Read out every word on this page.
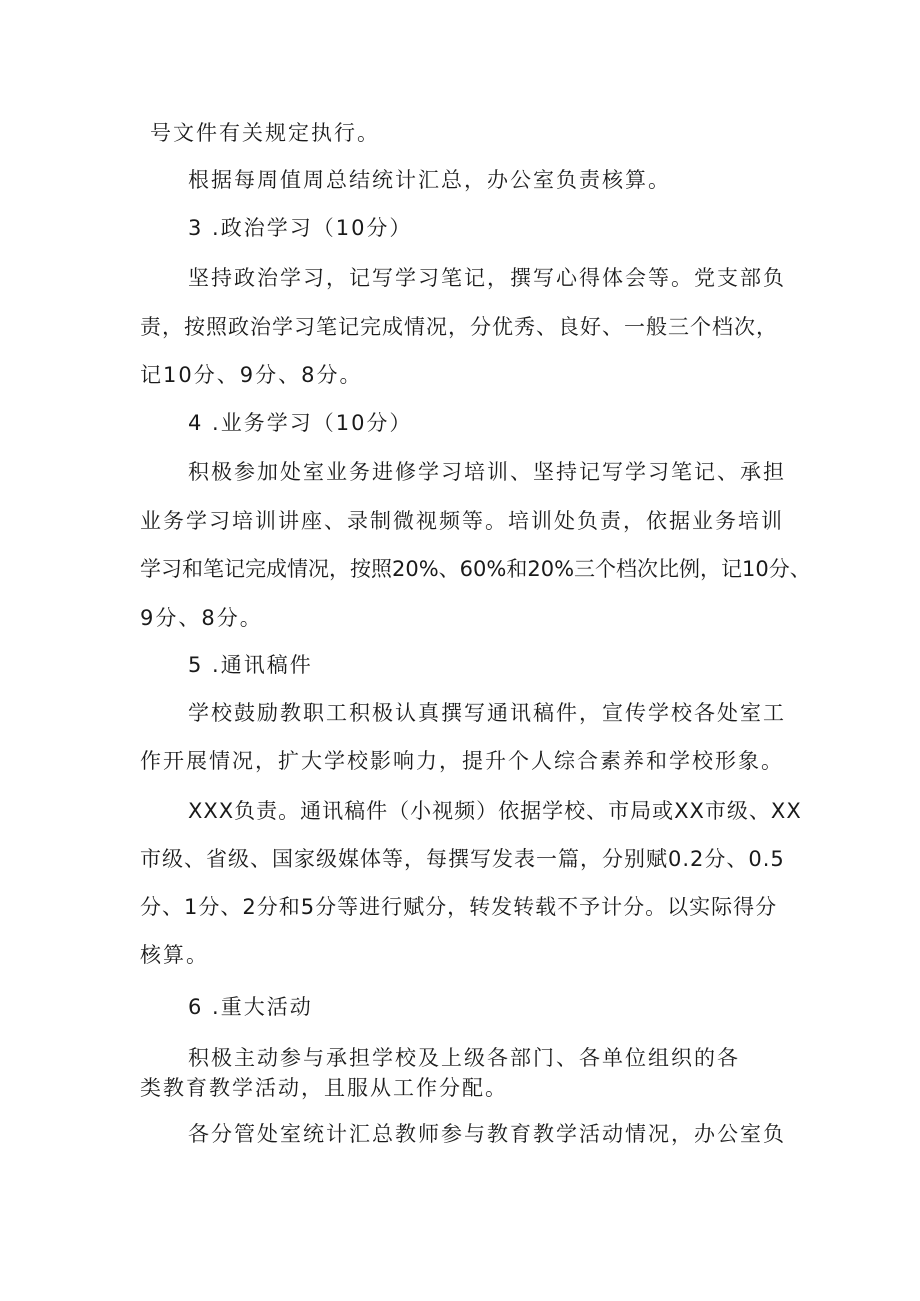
号文件有关规定执行。
根据每周值周总结统计汇总，办公室负责核算。
3 .政治学习（10分）
坚持政治学习，记写学习笔记，撰写心得体会等。党支部负
责，按照政治学习笔记完成情况，分优秀、良好、一般三个档次，
记10分、9分、8分。
4 .业务学习（10分）
积极参加处室业务进修学习培训、坚持记写学习笔记、承担
业务学习培训讲座、录制微视频等。培训处负责，依据业务培训
学习和笔记完成情况，按照20%、60%和20%三个档次比例，记10分、
9分、8分。
5 .通讯稿件
学校鼓励教职工积极认真撰写通讯稿件，宣传学校各处室工
作开展情况，扩大学校影响力，提升个人综合素养和学校形象。
XXX负责。通讯稿件（小视频）依据学校、市局或XX市级、XX
市级、省级、国家级媒体等，每撰写发表一篇，分别赋0.2分、0.5
分、1分、2分和5分等进行赋分，转发转载不予计分。以实际得分
核算。
6 .重大活动
积极主动参与承担学校及上级各部门、各单位组织的各
类教育教学活动，且服从工作分配。
各分管处室统计汇总教师参与教育教学活动情况，办公室负
